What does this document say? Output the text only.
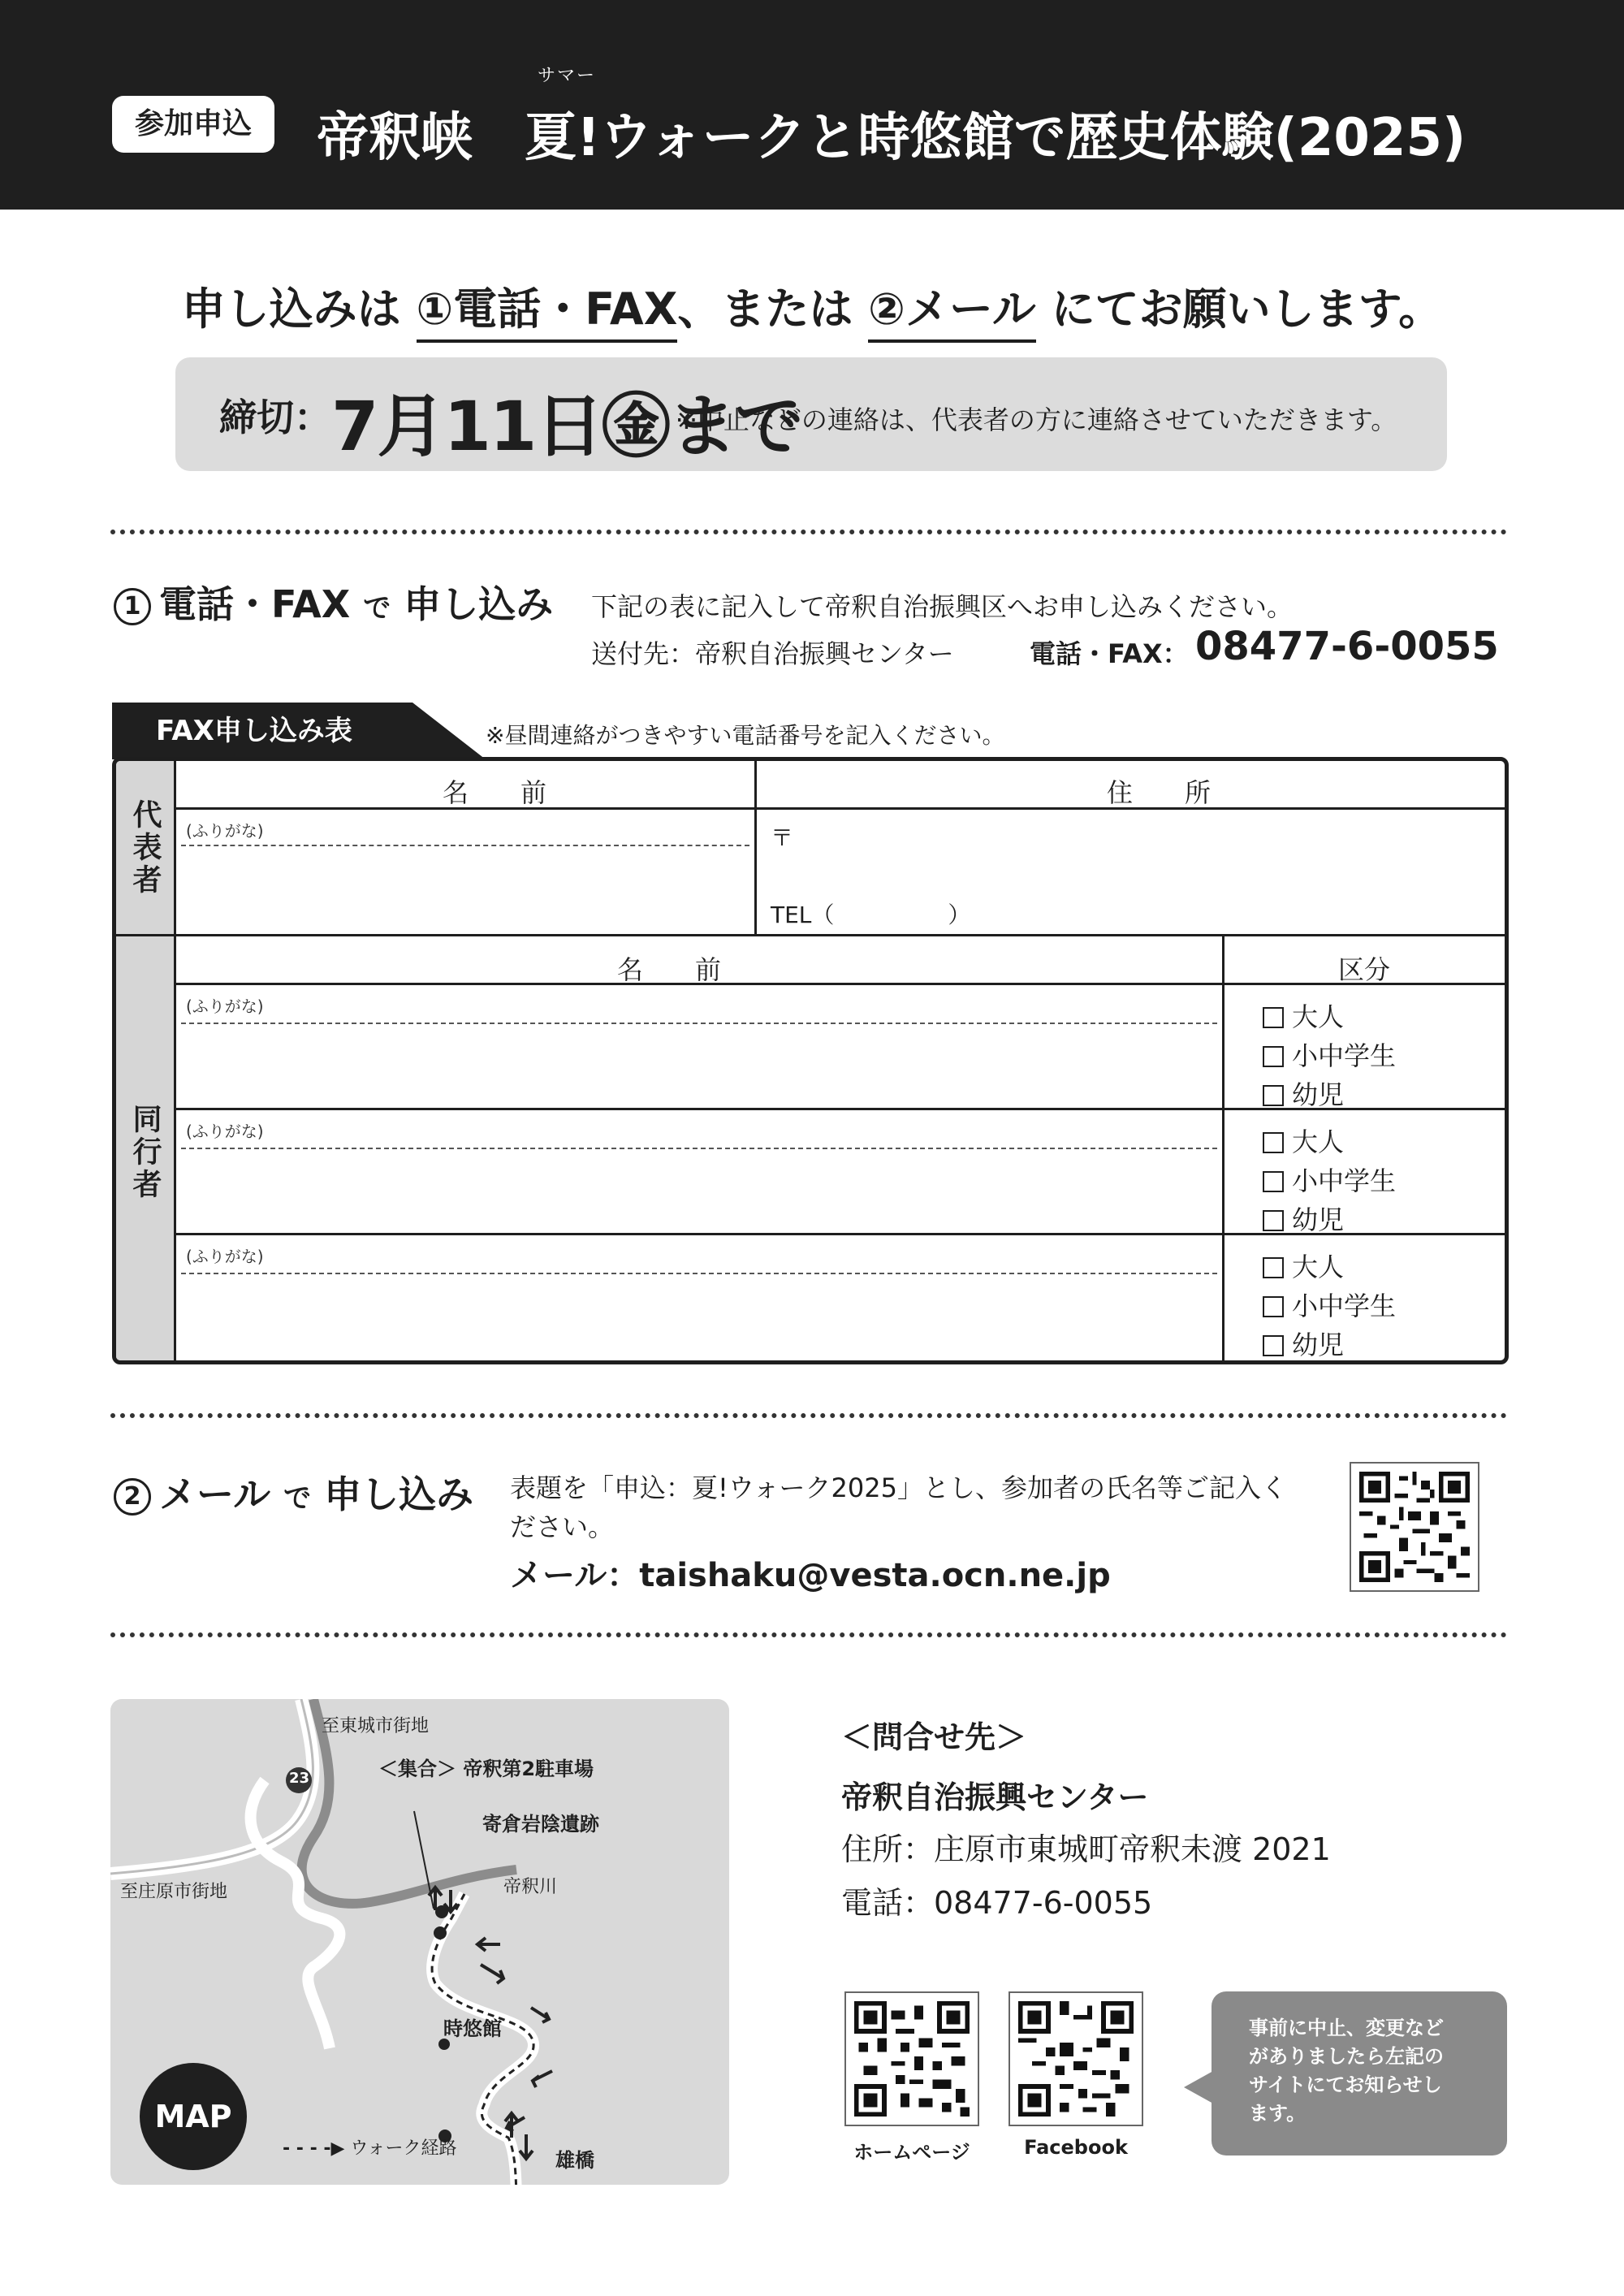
参加申込
サマー
帝釈峡　夏!ウォークと時悠館で歴史体験(2025)
申し込みは ①電話・FAX、または ②メール にてお願いします。
締切： 7月11日㊎まで
※中止などの連絡は、代表者の方に連絡させていただきます。
1 電話・FAX で 申し込み 下記の表に記入して帝釈自治振興区へお申し込みください。
送付先：帝釈自治振興センター	電話・FAX： 08477-6-0055
FAX申し込み表	※昼間連絡がつきやすい電話番号を記入ください。
代表者
名　　前	住　　所
(ふりがな)	〒
TEL（　　　　　）
同行者
名　　前	区分
(ふりがな)	大人
小中学生
幼児
(ふりがな)	大人
小中学生
幼児
(ふりがな)	大人
小中学生
幼児
2 メール で 申し込み 表題を「申込：夏!ウォーク2025」とし、参加者の氏名等ご記入ください。
メール：taishaku@vesta.ocn.ne.jp
至東城市街地
至庄原市街地
23	＜集合＞ 帝釈第2駐車場
寄倉岩陰遺跡
帝釈川
時悠館
雄橋
- - - -▶ ウォーク経路
MAP
＜問合せ先＞
帝釈自治振興センター
住所：庄原市東城町帝釈未渡 2021
電話：08477-6-0055
ホームページ	Facebook
事前に中止、変更など
がありましたら左記の
サイトにてお知らせし
ます。
